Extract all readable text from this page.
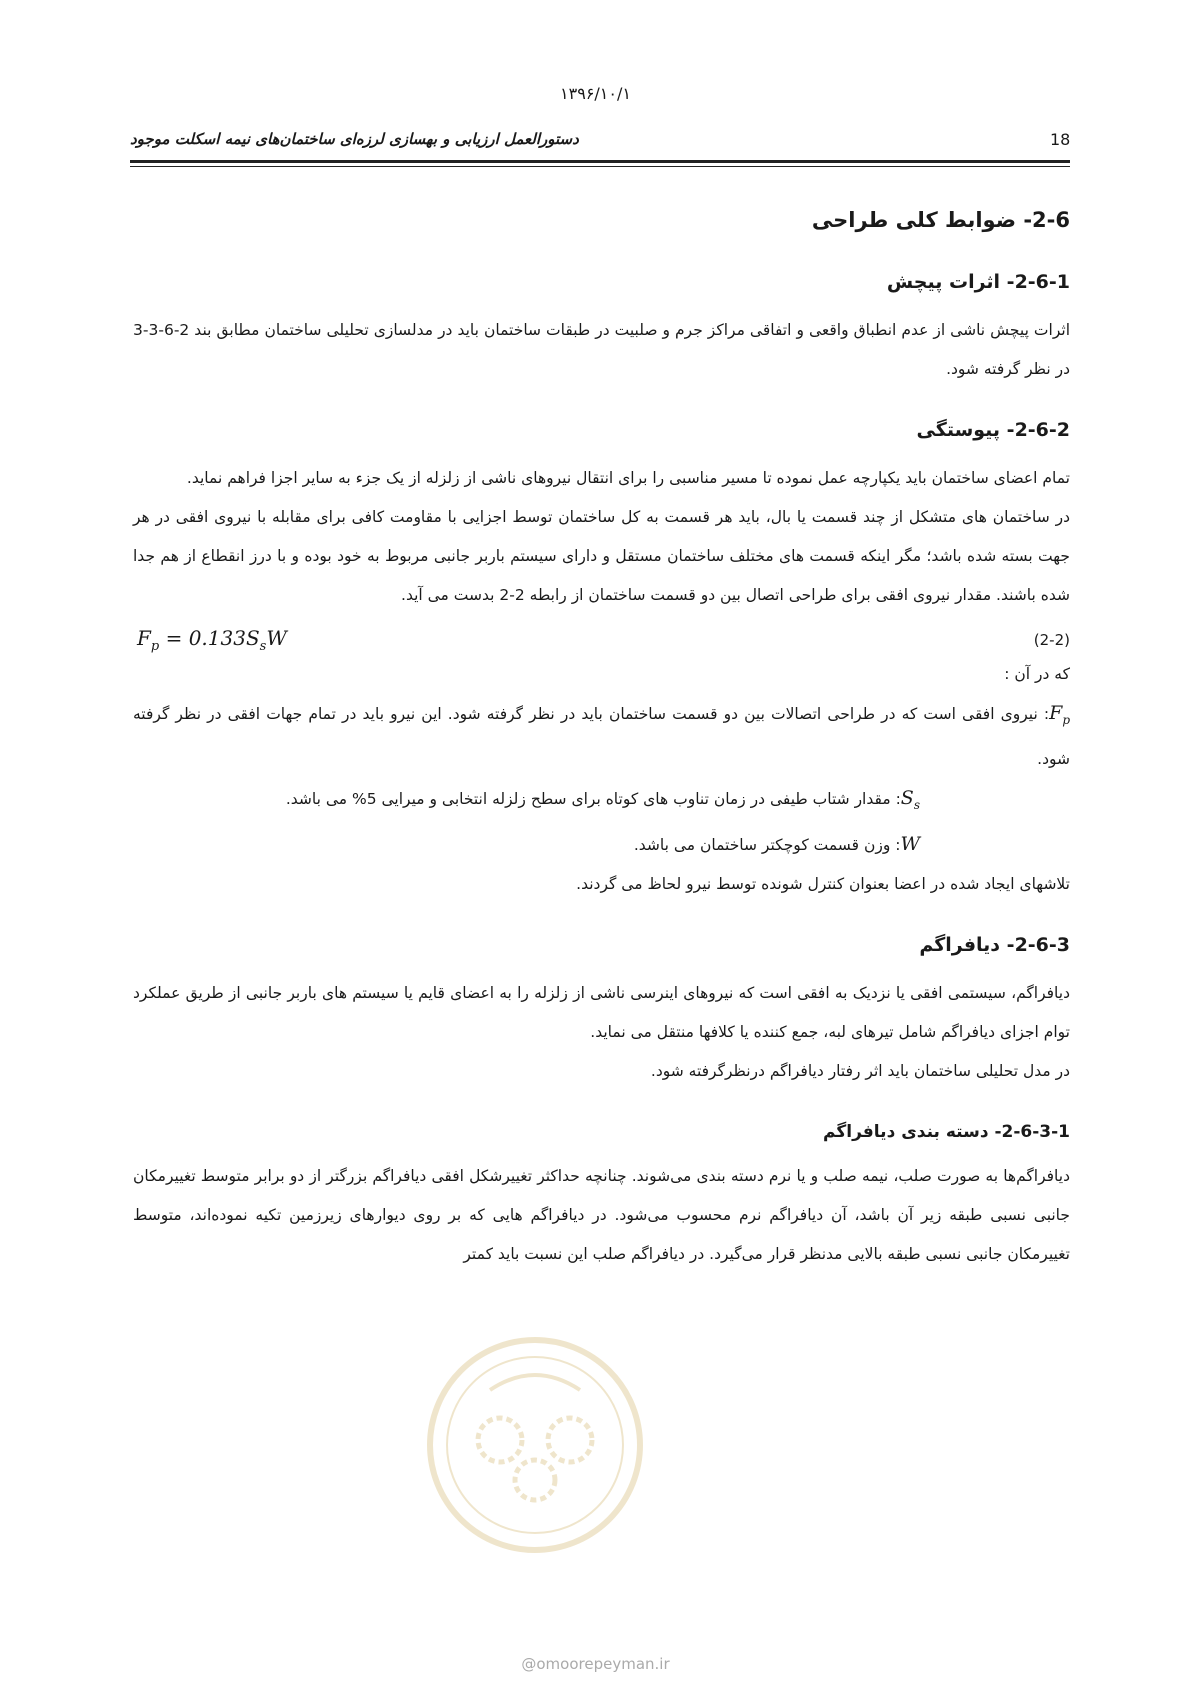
۱۳۹۶/۱۰/۱
دستورالعمل ارزیابی و بهسازی لرزه‌ای ساختمان‌های نیمه اسکلت موجود	18
2-6- ضوابط کلی طراحی
2-6-1- اثرات پیچش

اثرات پیچش ناشی از عدم انطباق واقعی و اتفاقی مراکز جرم و صلبیت در طبقات ساختمان باید در مدلسازی تحلیلی ساختمان مطابق بند 2-6-3-3 در نظر گرفته شود.

2-6-2- پیوستگی

تمام اعضای ساختمان باید یکپارچه عمل نموده تا مسیر مناسبی را برای انتقال نیروهای ناشی از زلزله از یک جزء به سایر اجزا فراهم نماید.

در ساختمان های متشکل از چند قسمت یا بال، باید هر قسمت به کل ساختمان توسط اجزایی با مقاومت کافی برای مقابله با نیروی افقی در هر جهت بسته شده باشد؛ مگر اینکه قسمت های مختلف ساختمان مستقل و دارای سیستم باربر جانبی مربوط به خود بوده و با درز انقطاع از هم جدا شده باشند. مقدار نیروی افقی برای طراحی اتصال بین دو قسمت ساختمان از رابطه 2-2 بدست می آید.

$F_p = 0.133S_sW$	(2-2)

که در آن :

$F_p$: نیروی افقی است که در طراحی اتصالات بین دو قسمت ساختمان باید در نظر گرفته شود. این نیرو باید در تمام جهات افقی در نظر گرفته شود.

$S_s$: مقدار شتاب طیفی در زمان تناوب های کوتاه برای سطح زلزله انتخابی و میرایی 5% می باشد.

W: وزن قسمت کوچکتر ساختمان می باشد.

تلاشهای ایجاد شده در اعضا بعنوان کنترل شونده توسط نیرو لحاظ می گردند.

2-6-3- دیافراگم

دیافراگم، سیستمی افقی یا نزدیک به افقی است که نیروهای اینرسی ناشی از زلزله را به اعضای قایم یا سیستم های باربر جانبی از طریق عملکرد توام اجزای دیافراگم شامل تیرهای لبه، جمع کننده یا کلافها منتقل می نماید.

در مدل تحلیلی ساختمان باید اثر رفتار دیافراگم درنظرگرفته شود.

2-6-3-1- دسته بندی دیافراگم

دیافراگم‌ها به صورت صلب، نیمه صلب و یا نرم دسته بندی می‌شوند. چنانچه حداکثر تغییرشکل افقی دیافراگم بزرگتر از دو برابر متوسط تغییرمکان جانبی نسبی طبقه زیر آن باشد، آن دیافراگم نرم محسوب می‌شود. در دیافراگم هایی که بر روی دیوارهای زیرزمین تکیه نموده‌اند، متوسط تغییرمکان جانبی نسبی طبقه بالایی مدنظر قرار می‌گیرد. در دیافراگم صلب این نسبت باید کمتر

@omoorepeyman.ir
